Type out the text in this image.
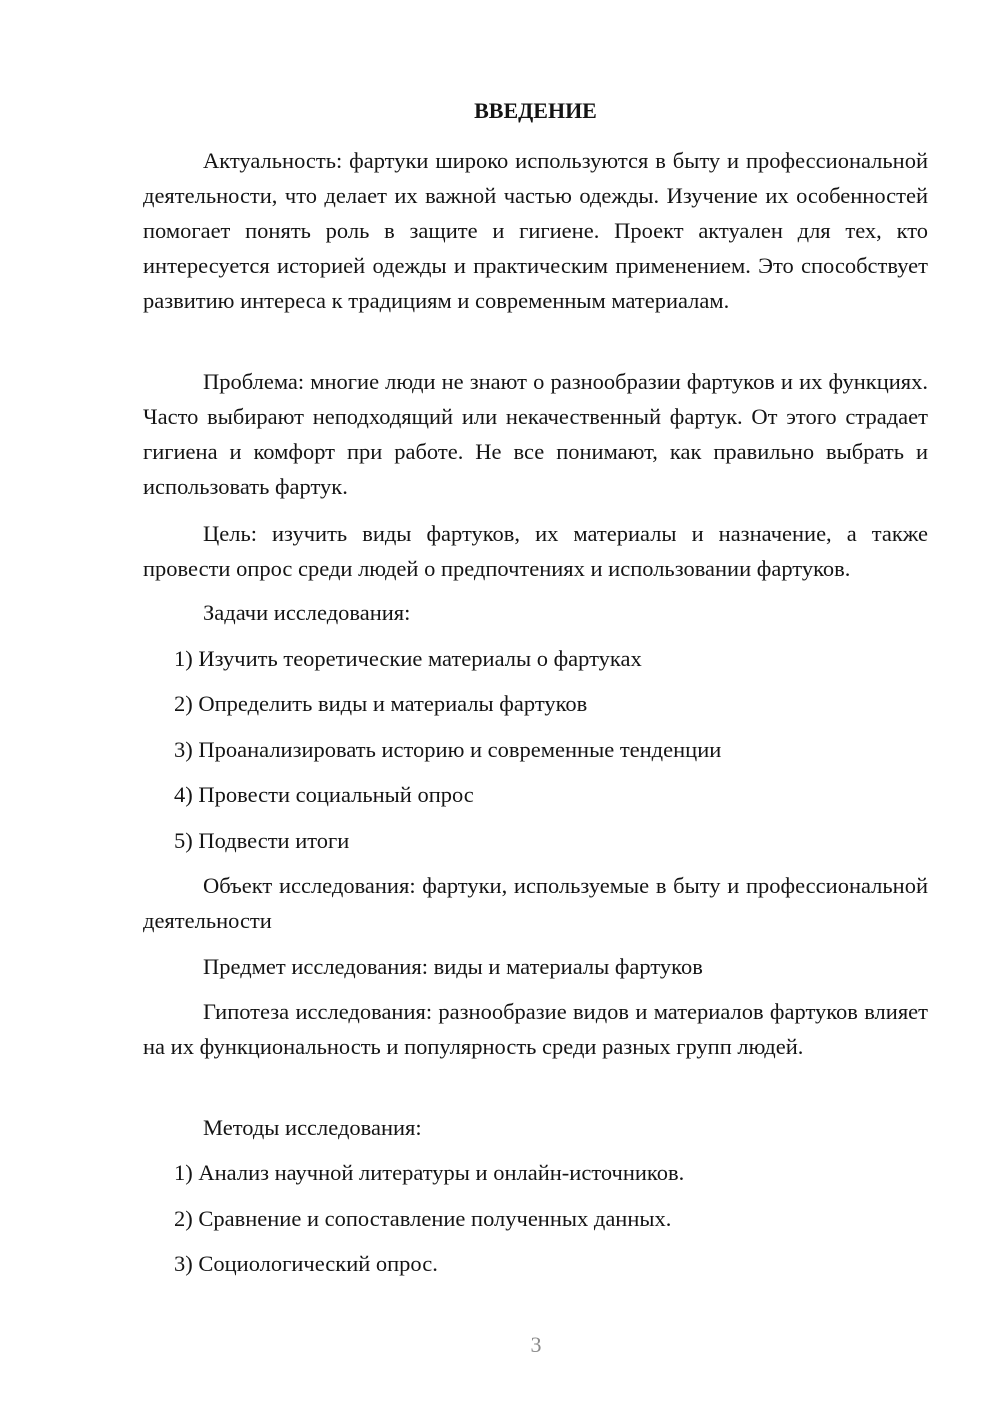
ВВЕДЕНИЕ

Актуальность: фартуки широко используются в быту и профессиональной деятельности, что делает их важной частью одежды. Изучение их особенностей помогает понять роль в защите и гигиене. Проект актуален для тех, кто интересуется историей одежды и практическим применением. Это способствует развитию интереса к традициям и современным материалам.

Проблема: многие люди не знают о разнообразии фартуков и их функциях. Часто выбирают неподходящий или некачественный фартук. От этого страдает гигиена и комфорт при работе. Не все понимают, как правильно выбрать и использовать фартук.

Цель: изучить виды фартуков, их материалы и назначение, а также провести опрос среди людей о предпочтениях и использовании фартуков.

Задачи исследования:

1) Изучить теоретические материалы о фартуках

2) Определить виды и материалы фартуков

3) Проанализировать историю и современные тенденции

4) Провести социальный опрос

5) Подвести итоги

Объект исследования: фартуки, используемые в быту и профессиональной деятельности

Предмет исследования: виды и материалы фартуков

Гипотеза исследования: разнообразие видов и материалов фартуков влияет на их функциональность и популярность среди разных групп людей.

Методы исследования:

1) Анализ научной литературы и онлайн-источников.

2) Сравнение и сопоставление полученных данных.

3) Социологический опрос.

3
